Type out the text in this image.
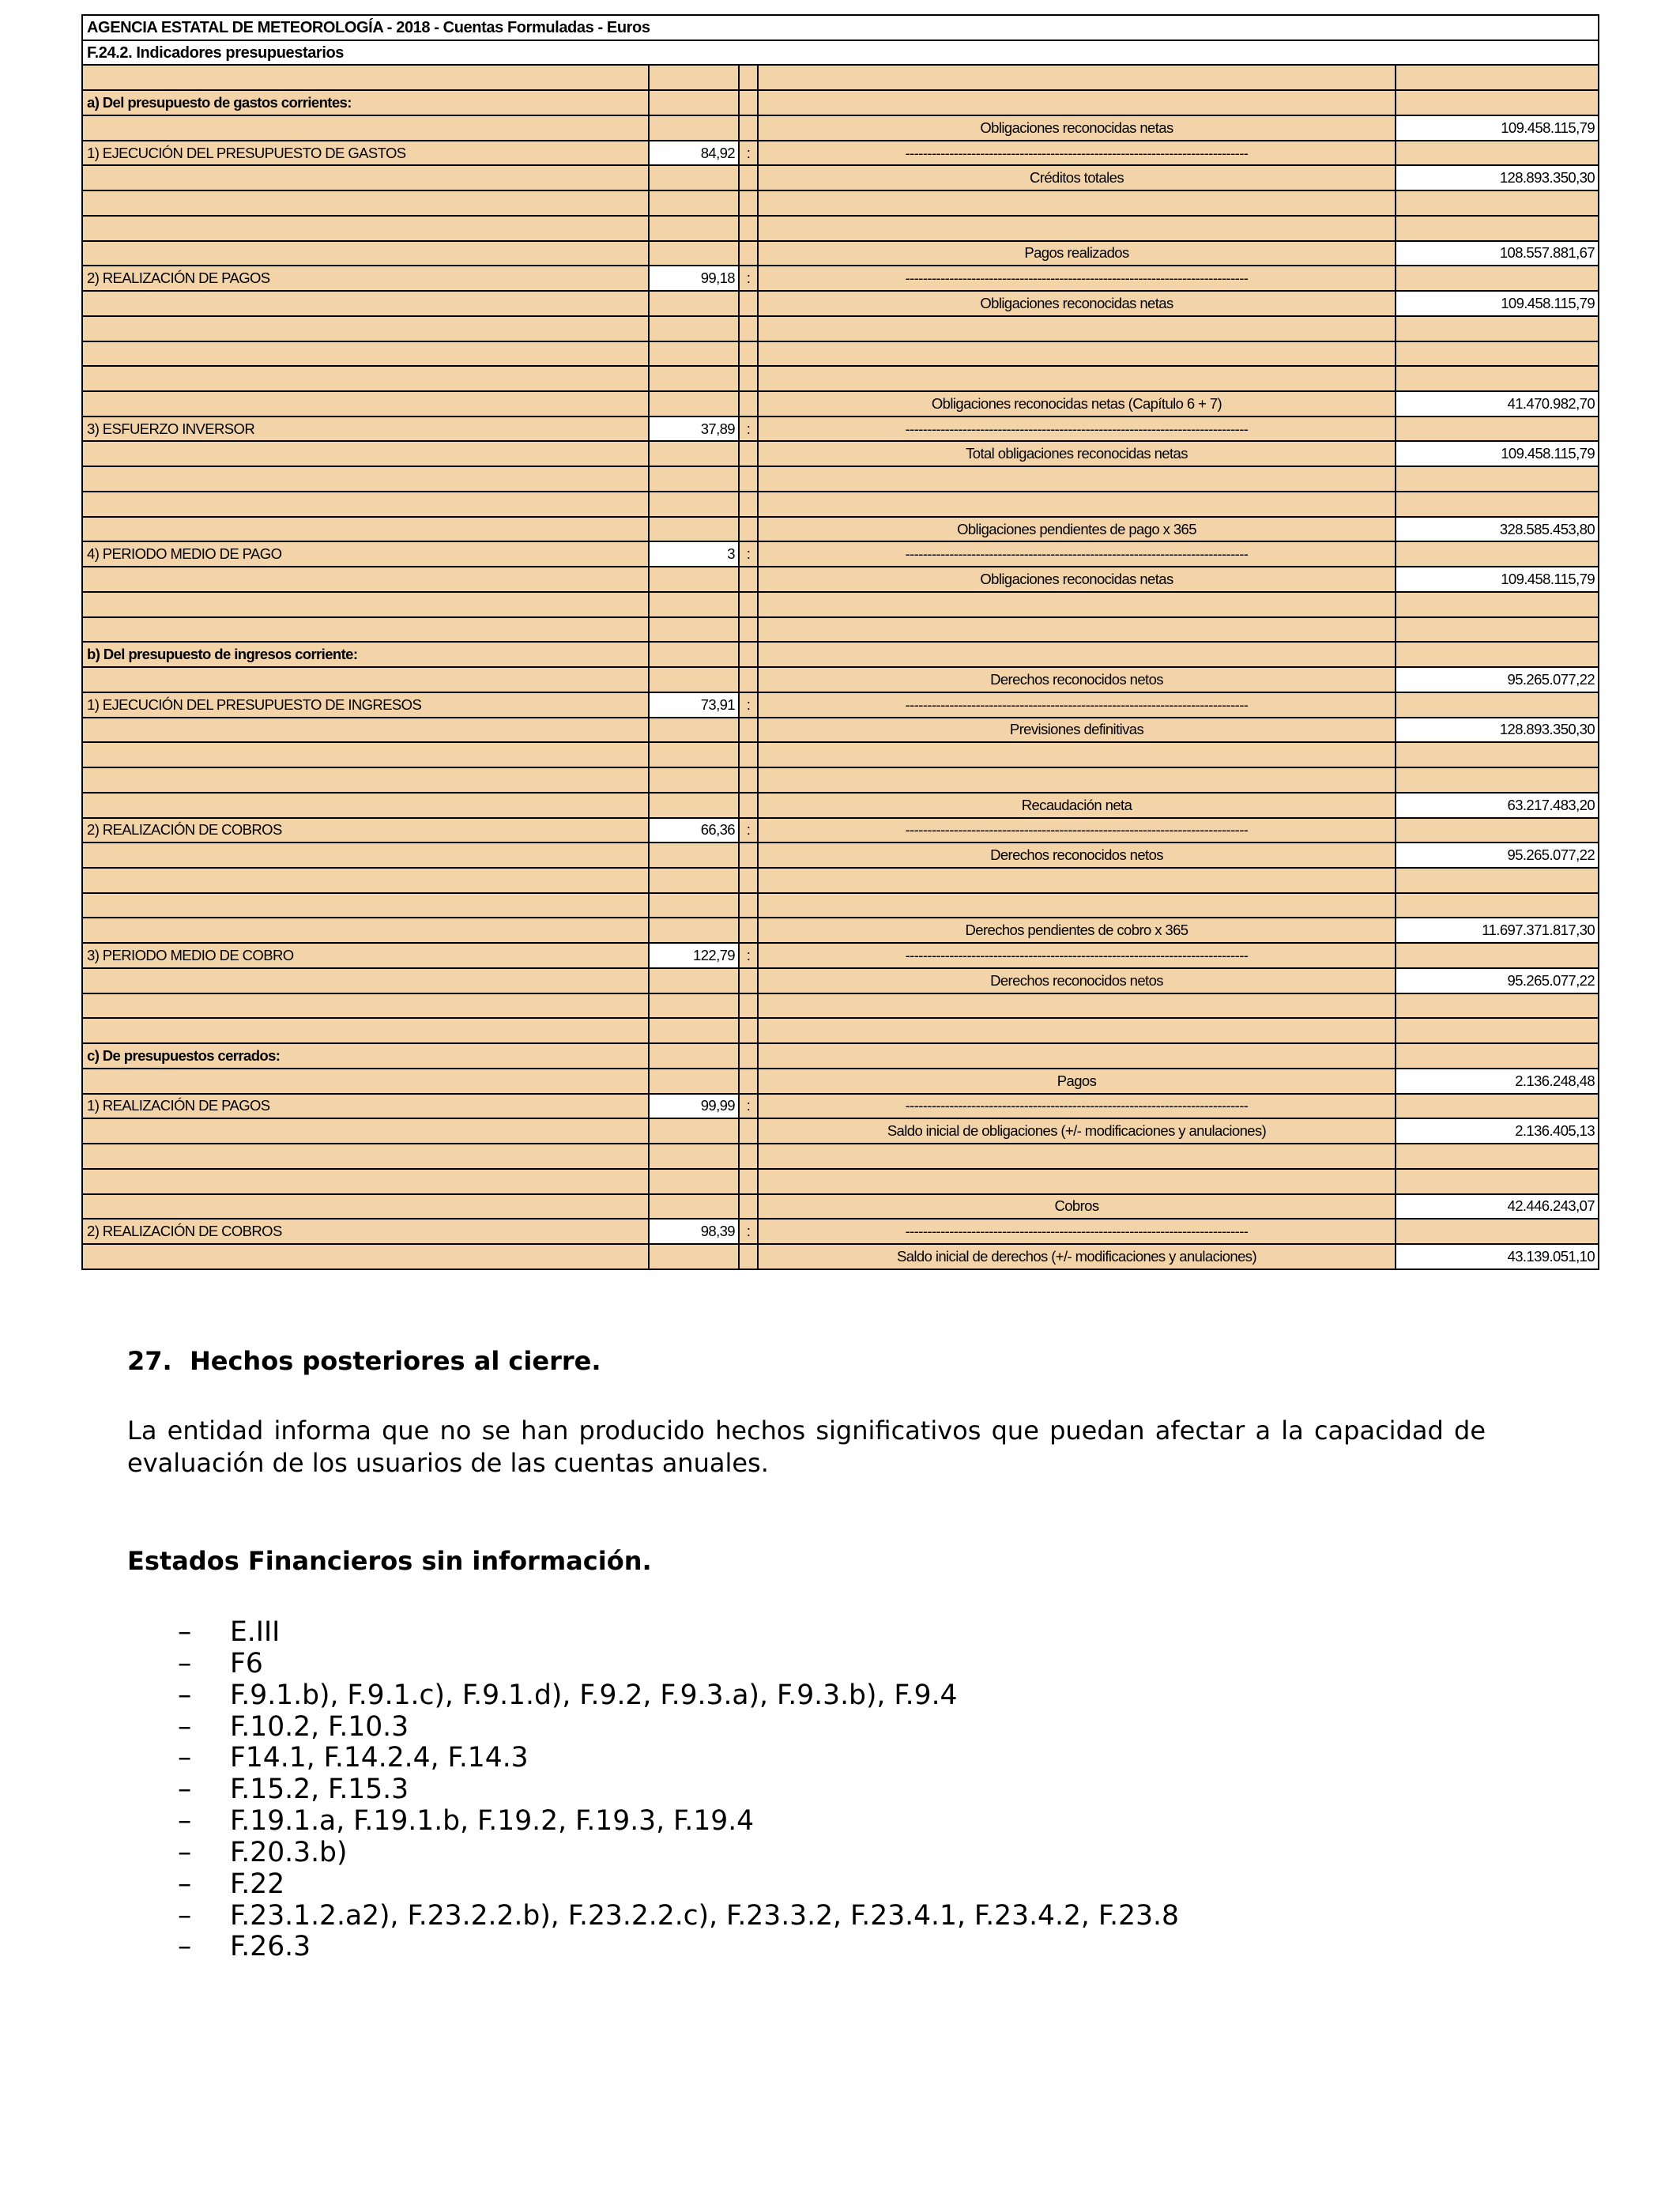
AGENCIA ESTATAL DE METEOROLOGÍA - 2018 - Cuentas Formuladas - Euros				
F.24.2. Indicadores presupuestarios				

a) Del presupuesto de gastos corrientes:				
			Obligaciones reconocidas netas	109.458.115,79
1) EJECUCIÓN DEL PRESUPUESTO DE GASTOS	84,92	:	------------------------------------------------------------------------------	
			Créditos totales	128.893.350,30

			Pagos realizados	108.557.881,67
2) REALIZACIÓN DE PAGOS	99,18	:	------------------------------------------------------------------------------	
			Obligaciones reconocidas netas	109.458.115,79

			Obligaciones reconocidas netas (Capítulo 6 + 7)	41.470.982,70
3) ESFUERZO INVERSOR	37,89	:	------------------------------------------------------------------------------	
			Total obligaciones reconocidas netas	109.458.115,79

			Obligaciones pendientes de pago x 365	328.585.453,80
4) PERIODO MEDIO DE PAGO	3	:	------------------------------------------------------------------------------	
			Obligaciones reconocidas netas	109.458.115,79

b) Del presupuesto de ingresos corriente:				
			Derechos reconocidos netos	95.265.077,22
1) EJECUCIÓN DEL PRESUPUESTO DE INGRESOS	73,91	:	------------------------------------------------------------------------------	
			Previsiones definitivas	128.893.350,30

			Recaudación neta	63.217.483,20
2) REALIZACIÓN DE COBROS	66,36	:	------------------------------------------------------------------------------	
			Derechos reconocidos netos	95.265.077,22

			Derechos pendientes de cobro x 365	11.697.371.817,30
3) PERIODO MEDIO DE COBRO	122,79	:	------------------------------------------------------------------------------	
			Derechos reconocidos netos	95.265.077,22

c) De presupuestos cerrados:				
			Pagos	2.136.248,48
1) REALIZACIÓN DE PAGOS	99,99	:	------------------------------------------------------------------------------	
			Saldo inicial de obligaciones (+/- modificaciones y anulaciones)	2.136.405,13

			Cobros	42.446.243,07
2) REALIZACIÓN DE COBROS	98,39	:	------------------------------------------------------------------------------	
			Saldo inicial de derechos (+/- modificaciones y anulaciones)	43.139.051,10
27.  Hechos posteriores al cierre.

La entidad informa que no se han producido hechos significativos que puedan afectar a la capacidad de evaluación de los usuarios de las cuentas anuales.

Estados Financieros sin información.
– E.III
– F6
– F.9.1.b), F.9.1.c), F.9.1.d), F.9.2, F.9.3.a), F.9.3.b), F.9.4
– F.10.2, F.10.3
– F14.1, F.14.2.4, F.14.3
– F.15.2, F.15.3
– F.19.1.a, F.19.1.b, F.19.2, F.19.3, F.19.4
– F.20.3.b)
– F.22
– F.23.1.2.a2), F.23.2.2.b), F.23.2.2.c), F.23.3.2, F.23.4.1, F.23.4.2, F.23.8
– F.26.3
